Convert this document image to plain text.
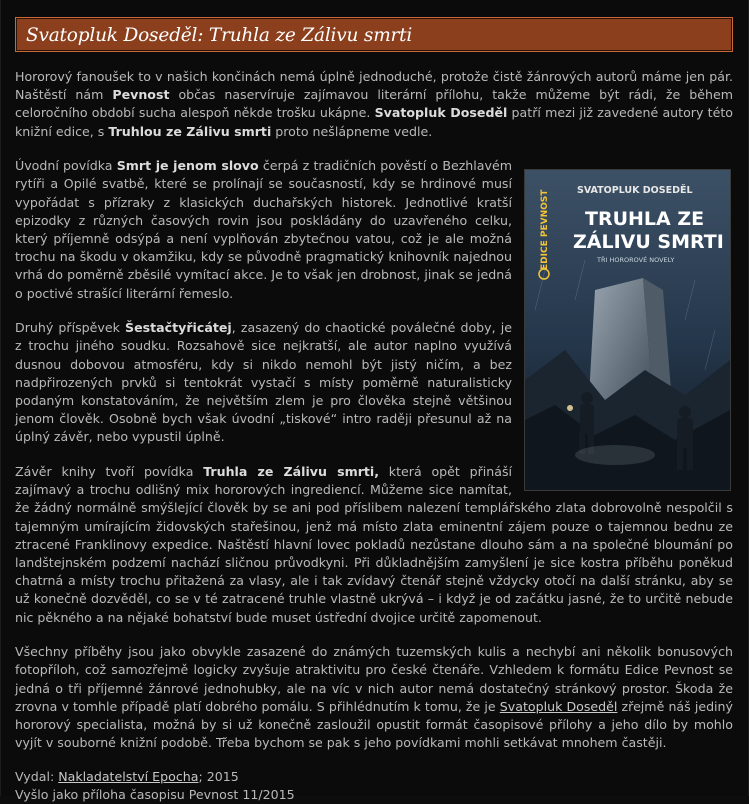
Svatopluk Doseděl: Truhla ze Zálivu smrti

Hororový fanoušek to v našich končinách nemá úplně jednoduché, protože čistě žánrových autorů máme jen pár. Naštěstí nám Pevnost občas naservíruje zajímavou literární přílohu, takže můžeme být rádi, že během celoročního období sucha alespoň někde trošku ukápne. Svatopluk Doseděl patří mezi již zavedené autory této knižní edice, s Truhlou ze Zálivu smrti proto nešlápneme vedle.

SVATOPLUK DOSEDĚL
TRUHLA ZE
ZÁLIVU SMRTI
TŘI HOROROVÉ NOVELY
EDICE PEVNOST

Úvodní povídka Smrt je jenom slovo čerpá z tradičních pověstí o Bezhlavém rytíři a Opilé svatbě, které se prolínají se současností, kdy se hrdinové musí vypořádat s přízraky z klasických duchařských historek. Jednotlivé kratší epizodky z různých časových rovin jsou poskládány do uzavřeného celku, který příjemně odsýpá a není vyplňován zbytečnou vatou, což je ale možná trochu na škodu v okamžiku, kdy se původně pragmatický knihovník najednou vrhá do poměrně zběsilé vymítací akce. Je to však jen drobnost, jinak se jedná o poctivé strašící literární řemeslo.

Druhý příspěvek Šestačtyřicátej, zasazený do chaotické poválečné doby, je z trochu jiného soudku. Rozsahově sice nejkratší, ale autor naplno využívá dusnou dobovou atmosféru, kdy si nikdo nemohl být jistý ničím, a bez nadpřirozených prvků si tentokrát vystačí s místy poměrně naturalisticky podaným konstatováním, že největším zlem je pro člověka stejně většinou jenom člověk. Osobně bych však úvodní „tiskové“ intro raději přesunul až na úplný závěr, nebo vypustil úplně.

Závěr knihy tvoří povídka Truhla ze Zálivu smrti, která opět přináší zajímavý a trochu odlišný mix hororových ingrediencí. Můžeme sice namítat, že žádný normálně smýšlející člověk by se ani pod příslibem nalezení templářského zlata dobrovolně nespolčil s tajemným umírajícím židovských stařešinou, jenž má místo zlata eminentní zájem pouze o tajemnou bednu ze ztracené Franklinovy expedice. Naštěstí hlavní lovec pokladů nezůstane dlouho sám a na společné bloumání po landštejnském podzemí nachází sličnou průvodkyni. Při důkladnějším zamyšlení je sice kostra příběhu poněkud chatrná a místy trochu přitažená za vlasy, ale i tak zvídavý čtenář stejně vždycky otočí na další stránku, aby se už konečně dozvěděl, co se v té zatracené truhle vlastně ukrývá – i když je od začátku jasné, že to určitě nebude nic pěkného a na nějaké bohatství bude muset ústřední dvojice určitě zapomenout.

Všechny příběhy jsou jako obvykle zasazené do známých tuzemských kulis a nechybí ani několik bonusových fotopříloh, což samozřejmě logicky zvyšuje atraktivitu pro české čtenáře. Vzhledem k formátu Edice Pevnost se jedná o tři příjemné žánrové jednohubky, ale na víc v nich autor nemá dostatečný stránkový prostor. Škoda že zrovna v tomhle případě platí dobrého pomálu. S přihlédnutím k tomu, že je Svatopluk Doseděl zřejmě náš jediný hororový specialista, možná by si už konečně zasloužil opustit formát časopisové přílohy a jeho dílo by mohlo vyjít v souborné knižní podobě. Třeba bychom se pak s jeho povídkami mohli setkávat mnohem častěji.

Vydal: Nakladatelství Epocha; 2015
Vyšlo jako příloha časopisu Pevnost 11/2015
